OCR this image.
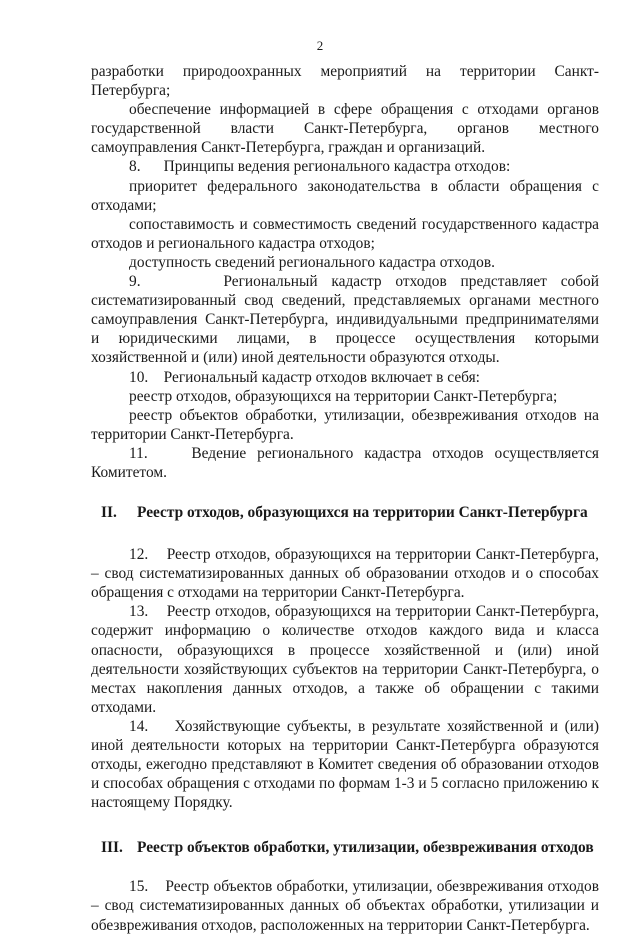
2

разработки природоохранных мероприятий на территории Санкт-Петербурга;

обеспечение информацией в сфере обращения с отходами органов государственной власти Санкт-Петербурга, органов местного самоуправления Санкт-Петербурга, граждан и организаций.

8.      Принципы ведения регионального кадастра отходов:

приоритет федерального законодательства в области обращения с отходами;

сопоставимость и совместимость сведений государственного кадастра отходов и регионального кадастра отходов;

доступность сведений регионального кадастра отходов.

9.      Региональный кадастр отходов представляет собой систематизированный свод сведений, представляемых органами местного самоуправления Санкт-Петербурга, индивидуальными предпринимателями и юридическими лицами, в процессе осуществления которыми хозяйственной и (или) иной деятельности образуются отходы.

10.    Региональный кадастр отходов включает в себя:

реестр отходов, образующихся на территории Санкт-Петербурга;

реестр объектов обработки, утилизации, обезвреживания отходов на территории Санкт-Петербурга.

11.    Ведение регионального кадастра отходов осуществляется Комитетом.

II. Реестр отходов, образующихся на территории Санкт-Петербурга

12.    Реестр отходов, образующихся на территории Санкт-Петербурга, – свод систематизированных данных об образовании отходов и о способах обращения с отходами на территории Санкт-Петербурга.

13.    Реестр отходов, образующихся на территории Санкт-Петербурга, содержит информацию о количестве отходов каждого вида и класса опасности, образующихся в процессе хозяйственной и (или) иной деятельности хозяйствующих субъектов на территории Санкт-Петербурга, о местах накопления данных отходов, а также об обращении с такими отходами.

14.    Хозяйствующие субъекты, в результате хозяйственной и (или) иной деятельности которых на территории Санкт-Петербурга образуются отходы, ежегодно представляют в Комитет сведения об образовании отходов и способах обращения с отходами по формам 1-3 и 5 согласно приложению к настоящему Порядку.

III. Реестр объектов обработки, утилизации, обезвреживания отходов

15.    Реестр объектов обработки, утилизации, обезвреживания отходов – свод систематизированных данных об объектах обработки, утилизации и обезвреживания отходов, расположенных на территории Санкт-Петербурга.
